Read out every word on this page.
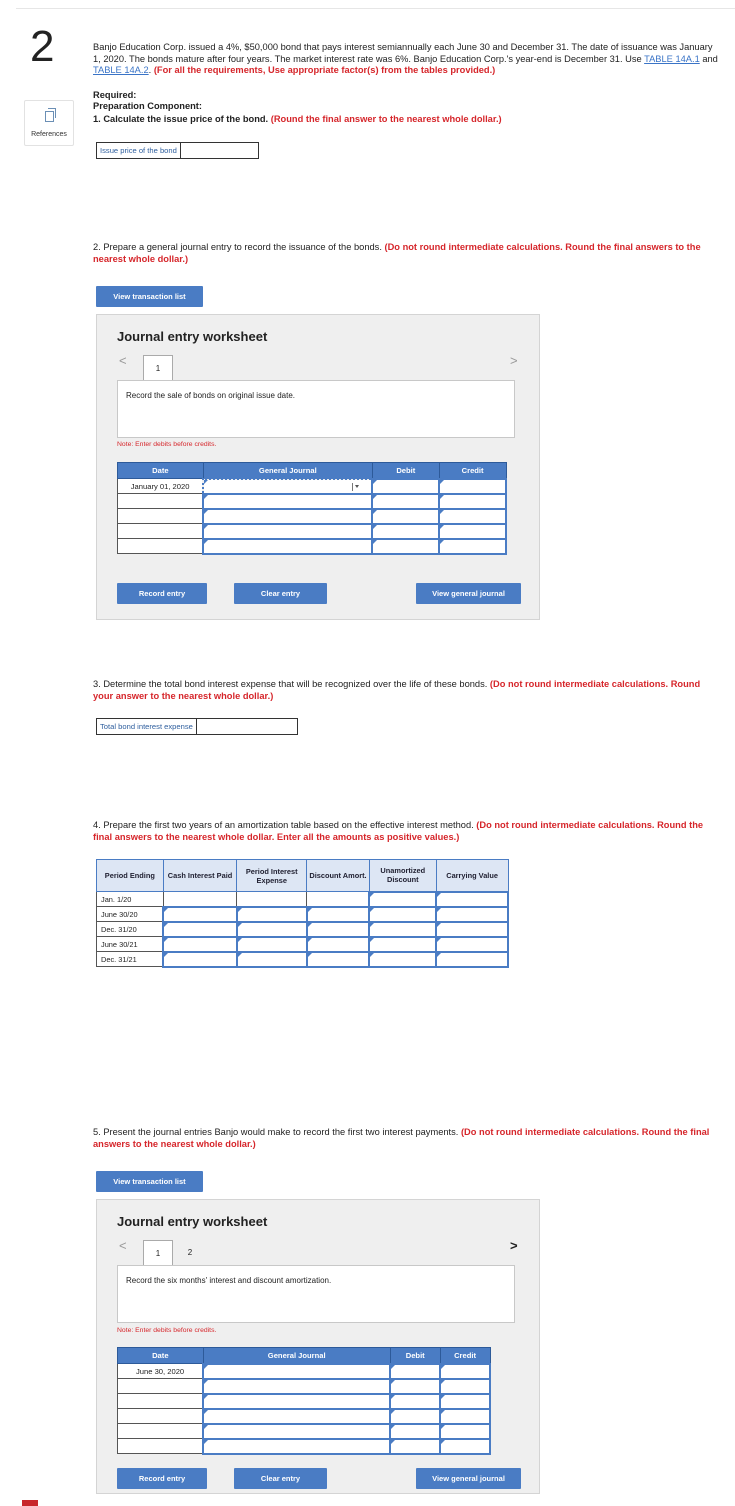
2
References
Banjo Education Corp. issued a 4%, $50,000 bond that pays interest semiannually each June 30 and December 31. The date of issuance was January 1, 2020. The bonds mature after four years. The market interest rate was 6%. Banjo Education Corp.'s year-end is December 31. Use TABLE 14A.1 and TABLE 14A.2. (For all the requirements, Use appropriate factor(s) from the tables provided.)
Required:
Preparation Component:
1. Calculate the issue price of the bond. (Round the final answer to the nearest whole dollar.)
Issue price of the bond
2. Prepare a general journal entry to record the issuance of the bonds. (Do not round intermediate calculations. Round the final answers to the nearest whole dollar.)
View transaction list
Journal entry worksheet
<
1
>
Record the sale of bonds on original issue date.
Note: Enter debits before credits.
Date	General Journal	Debit	Credit
January 01, 2020	

Record entry	Clear entry	View general journal
3. Determine the total bond interest expense that will be recognized over the life of these bonds. (Do not round intermediate calculations. Round your answer to the nearest whole dollar.)
Total bond interest expense
4. Prepare the first two years of an amortization table based on the effective interest method. (Do not round intermediate calculations. Round the final answers to the nearest whole dollar. Enter all the amounts as positive values.)
Period Ending	Cash Interest Paid	Period Interest Expense	Discount Amort.	Unamortized Discount	Carrying Value
Jan. 1/20					
June 30/20					
Dec. 31/20					
June 30/21					
Dec. 31/21					
5. Present the journal entries Banjo would make to record the first two interest payments. (Do not round intermediate calculations. Round the final answers to the nearest whole dollar.)
View transaction list
Journal entry worksheet
<
1	2	>
Record the six months' interest and discount amortization.
Note: Enter debits before credits.
Date	General Journal	Debit	Credit
June 30, 2020			

Record entry	Clear entry	View general journal
